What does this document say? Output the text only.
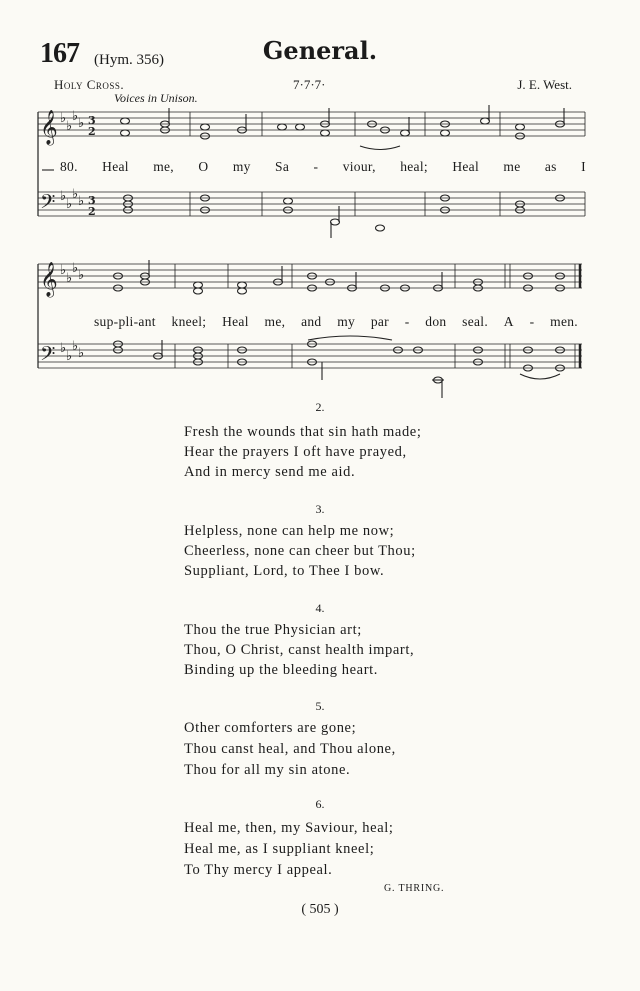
167 (Hym. 356)	General.
Holy Cross.	7·7·7·	J. E. West.
Voices in Unison.
𝄞 ♭
♭
♭ ♭ 3
2
𝄢 ♭
♭
♭ ♭ 3
2
80. Heal me, O my Sa - viour, heal; Heal me as I
𝄞 ♭
♭
♭ ♭
𝄢 ♭
♭
♭ ♭
sup-pli-ant kneel; Heal me, and my par - don seal. A - men.
2.
Fresh the wounds that sin hath made;
Hear the prayers I oft have prayed,
And in mercy send me aid.
3.
Helpless, none can help me now;
Cheerless, none can cheer but Thou;
Suppliant, Lord, to Thee I bow.
4.
Thou the true Physician art;
Thou, O Christ, canst health impart,
Binding up the bleeding heart.
5.
Other comforters are gone;
Thou canst heal, and Thou alone,
Thou for all my sin atone.
6.
Heal me, then, my Saviour, heal;
Heal me, as I suppliant kneel;
To Thy mercy I appeal.
G. THRING.
( 505 )
